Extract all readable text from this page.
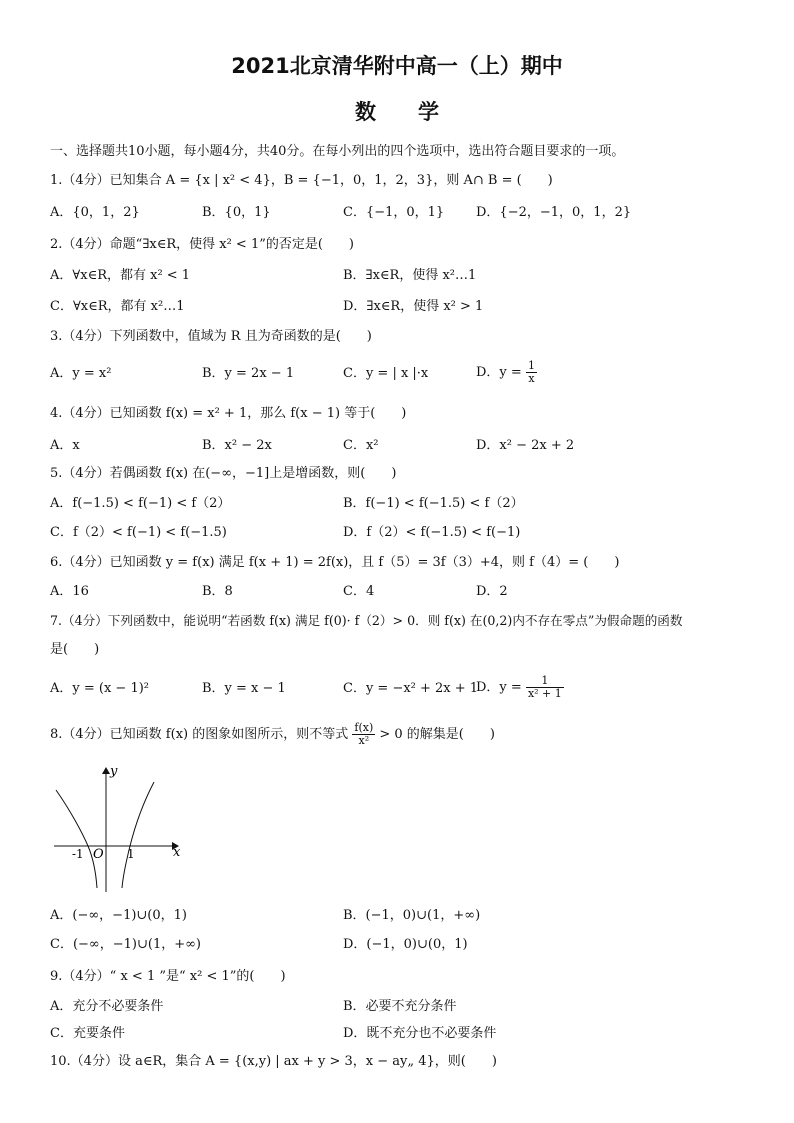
2021北京清华附中高一（上）期中
数　　学
一、选择题共10小题，每小题4分，共40分。在每小列出的四个选项中，选出符合题目要求的一项。
1.（4分）已知集合 A = {x | x² < 4}，B = {−1，0，1，2，3}，则 A∩ B = (　　)
A．{0，1，2}	B．{0，1}	C．{−1，0，1} D．{−2，−1，0，1，2}
2.（4分）命题“∃x∈R，使得 x² < 1”的否定是(　　)
A．∀x∈R，都有 x² < 1	B．∃x∈R，使得 x²…1
C．∀x∈R，都有 x²…1	D．∃x∈R，使得 x² > 1
3.（4分）下列函数中，值域为 R 且为奇函数的是(　　)
A．y = x²	B．y = 2x − 1	C．y = | x |·x	D．$y = \frac{1}{x}$
4.（4分）已知函数 f(x) = x² + 1，那么 f(x − 1) 等于(　　)
A．x	B．x² − 2x	C．x²	D．x² − 2x + 2
5.（4分）若偶函数 f(x) 在(−∞，−1]上是增函数，则(　　)
A．f(−1.5) < f(−1) < f（2）	B．f(−1) < f(−1.5) < f（2）
C．f（2）< f(−1) < f(−1.5)	D．f（2）< f(−1.5) < f(−1)
6.（4分）已知函数 y = f(x) 满足 f(x + 1) = 2f(x)，且 f（5）= 3f（3）+4，则 f（4）= (　　)
A．16	B．8	C．4	D．2
7.（4分）下列函数中，能说明“若函数 f(x) 满足 f(0)· f（2）> 0．则 f(x) 在(0,2)内不存在零点”为假命题的函数
是(　　)
A．y = (x − 1)²	B．y = x − 1	C．y = −x² + 2x + 1
D．$y = \frac{1}{\text{x² + 1}}$
8.（4分）已知函数 f(x) 的图象如图所示，则不等式 $\frac{f(x)}{\text{x²}} > 0$ 的解集是(　　)
y
x
O
-1	1
A．(−∞，−1)∪(0，1)	B．(−1，0)∪(1，+∞)
C．(−∞，−1)∪(1，+∞)	D．(−1，0)∪(0，1)
9.（4分）“ x < 1 ”是“ x² < 1”的(　　)
A．充分不必要条件	B．必要不充分条件
C．充要条件	D．既不充分也不必要条件
10.（4分）设 a∈R，集合 A = {(x,y) | ax + y > 3，x − ay„ 4}，则(　　)
